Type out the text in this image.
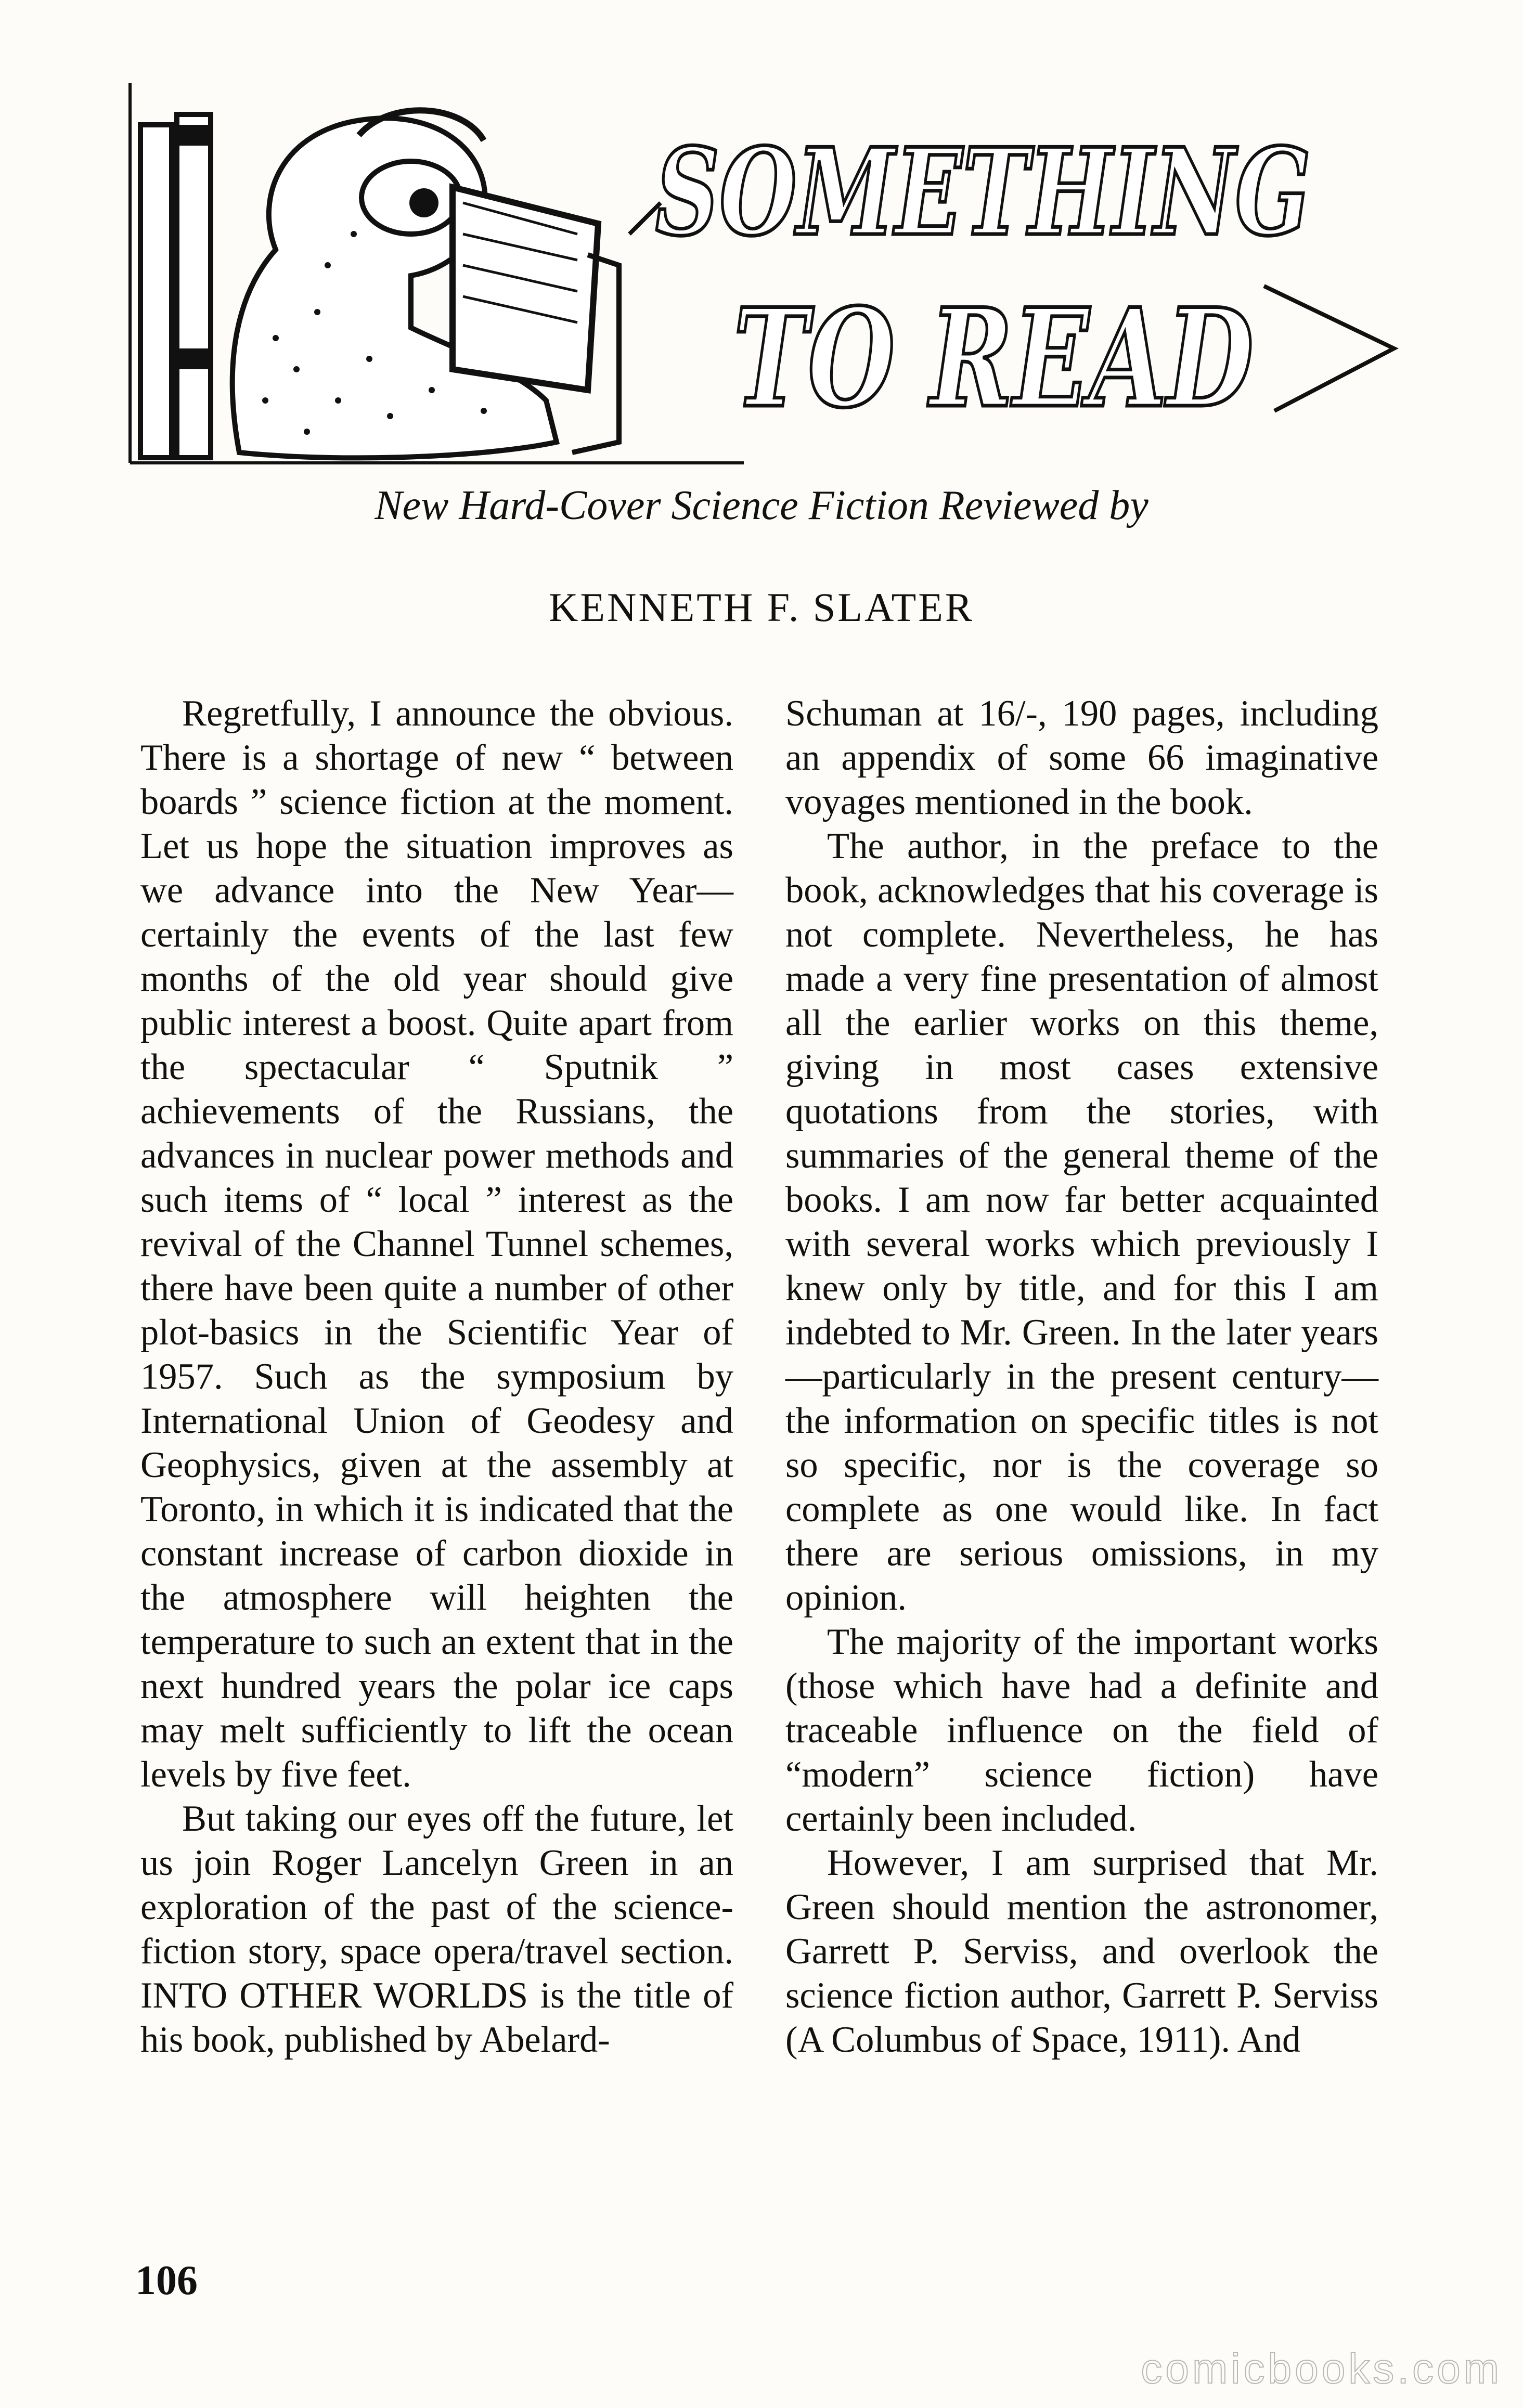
SOMETHING
TO READ
New Hard-Cover Science Fiction Reviewed by
KENNETH F. SLATER

Regretfully, I announce the obvious. There is a shortage of new “ between boards ” science fiction at the moment. Let us hope the situation improves as we advance into the New Year—certainly the events of the last few months of the old year should give public interest a boost. Quite apart from the spectacular “ Sputnik ” achievements of the Russians, the advances in nuclear power methods and such items of “ local ” interest as the revival of the Channel Tunnel schemes, there have been quite a number of other plot-basics in the Scientific Year of 1957. Such as the symposium by International Union of Geodesy and Geophysics, given at the assembly at Toronto, in which it is indicated that the constant increase of carbon dioxide in the atmosphere will heighten the temperature to such an extent that in the next hundred years the polar ice caps may melt sufficiently to lift the ocean levels by five feet.

But taking our eyes off the future, let us join Roger Lancelyn Green in an exploration of the past of the science-fiction story, space opera/travel section. INTO OTHER WORLDS is the title of his book, published by Abelard-

Schuman at 16/-, 190 pages, including an appendix of some 66 imaginative voyages mentioned in the book.

The author, in the preface to the book, acknowledges that his coverage is not complete. Nevertheless, he has made a very fine presentation of almost all the earlier works on this theme, giving in most cases extensive quotations from the stories, with summaries of the general theme of the books. I am now far better acquainted with several works which previously I knew only by title, and for this I am indebted to Mr. Green. In the later years —particularly in the present century—the information on specific titles is not so specific, nor is the coverage so complete as one would like. In fact there are serious omissions, in my opinion.

The majority of the important works (those which have had a definite and traceable influence on the field of “modern” science fiction) have certainly been included.

However, I am surprised that Mr. Green should mention the astronomer, Garrett P. Serviss, and overlook the science fiction author, Garrett P. Serviss (A Columbus of Space, 1911). And

106
comicbooks.com
